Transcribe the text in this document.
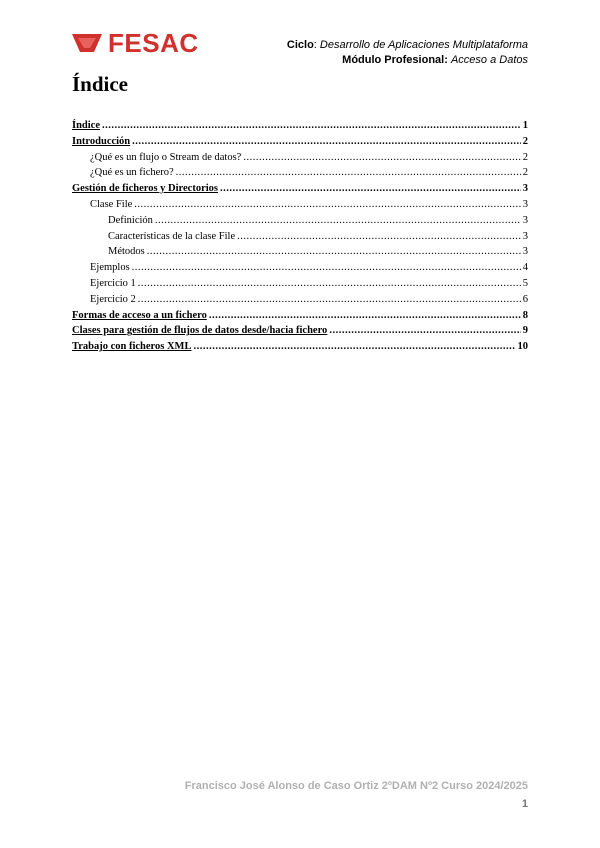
FESAC	Ciclo: Desarrollo de Aplicaciones Multiplataforma
Módulo Profesional: Acceso a Datos
Índice
Índice .....	1
Introducción .....	2
¿Qué es un flujo o Stream de datos? .....	2
¿Qué es un fichero? .....	2
Gestión de ficheros y Directorios .....	3
Clase File .....	3
Definición .....	3
Características de la clase File .....	3
Métodos .....	3
Ejemplos .....	4
Ejercicio 1 .....	5
Ejercicio 2 .....	6
Formas de acceso a un fichero .....	8
Clases para gestión de flujos de datos desde/hacia fichero .....	9
Trabajo con ficheros XML .....	10
Francisco José Alonso de Caso Ortiz 2ºDAM Nº2 Curso 2024/2025
1
